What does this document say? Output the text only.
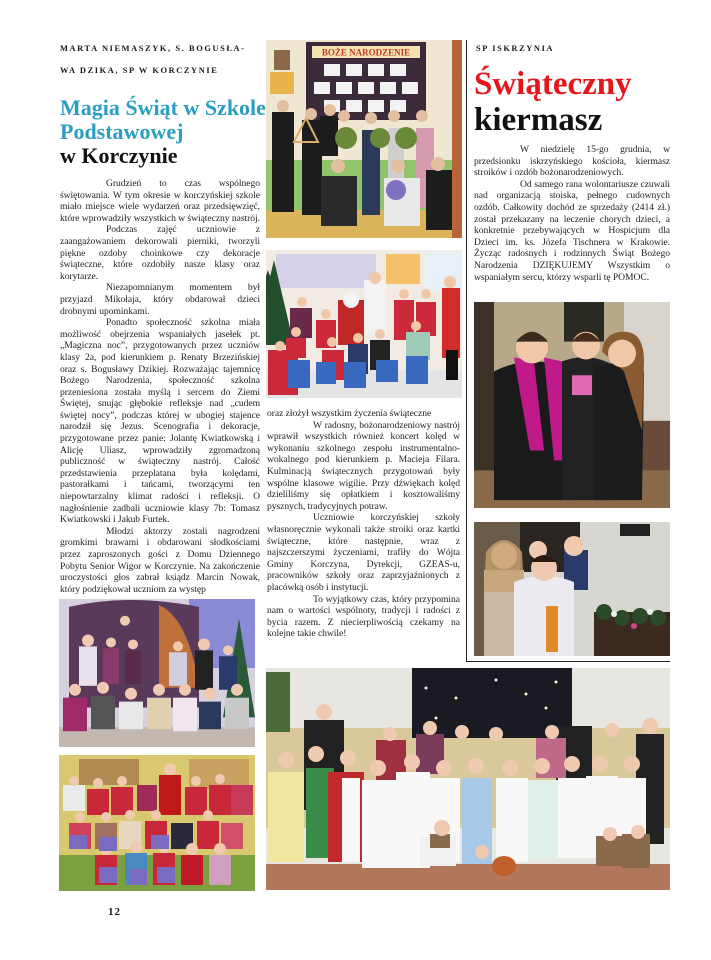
MARTA NIEMASZYK, S. BOGUSŁA-
WA DZIKA, SP W KORCZYNIE
Magia Świąt w Szkole
Podstawowej
w Korczynie

Grudzień to czas wspólnego świętowania. W tym okresie w korczyńskiej szkole miało miejsce wiele wydarzeń oraz przedsięwzięć, które wprowadziły wszystkich w świąteczny nastrój.

Podczas zajęć uczniowie z zaangażowaniem dekorowali pierniki, tworzyli piękne ozdoby choinkowe czy dekoracje świąteczne, które ozdobiły nasze klasy oraz korytarze.

Niezapomnianym momentem był przyjazd Mikołaja, który obdarował dzieci drobnymi upominkami.

Ponadto społeczność szkolna miała możliwość obejrzenia wspaniałych jasełek pt. „Magiczna noc”, przygotowanych przez uczniów klasy 2a, pod kierunkiem p. Renaty Brzezińskiej oraz s. Bogusławy Dzikiej. Rozważając tajemnicę Bożego Narodzenia, społeczność szkolna przeniesiona została myślą i sercem do Ziemi Świętej, snując głębokie refleksje nad „cudem świętej nocy”, podczas której w ubogiej stajence narodził się Jezus. Scenografia i dekoracje, przygotowane przez panie: Jolantę Kwiatkowską i Alicję Uliasz, wprowadziły zgromadzoną publiczność w świąteczny nastrój. Całość przedstawienia przeplatana była kolędami, pastorałkami i tańcami, tworzącymi ten niepowtarzalny klimat radości i refleksji. O nagłośnienie zadbali uczniowie klasy 7b: Tomasz Kwiatkowski i Jakub Furtek.

Młodzi aktorzy zostali nagrodzeni gromkimi brawami i obdarowani słodkościami przez zaproszonych gości z Domu Dziennego Pobytu Senior Wigor w Korczynie. Na zakończenie uroczystości głos zabrał ksiądz Marcin Nowak, który podziękował uczniom za występ

oraz złożył wszystkim życzenia świąteczne

W radosny, bożonarodzeniowy nastrój wprawił wszystkich również koncert kolęd w wykonaniu szkolnego zespołu instrumentalno-wokalnego pod kierunkiem p. Macieja Filara. Kulminacją świątecznych przygotowań były wspólne klasowe wigilie. Przy dźwiękach kolęd dzieliliśmy się opłatkiem i kosztowaliśmy pysznych, tradycyjnych potraw.

Uczniowie korczyńskiej szkoły własnoręcznie wykonali także stroiki oraz kartki świąteczne, które następnie, wraz z najszczerszymi życzeniami, trafiły do Wójta Gminy Korczyna, Dyrekcji, GZEAS-u, pracowników szkoły oraz zaprzyjaźnionych z placówką osób i instytucji.

To wyjątkowy czas, który przypomina nam o wartości wspólnoty, tradycji i radości z bycia razem. Z niecierpliwością czekamy na kolejne takie chwile!

BOŻE NARODZENIE	SP ISKRZYNIA
Świąteczny
kiermasz

W niedzielę 15-go grudnia, w przedsionku iskrzyńskiego kościoła, kiermasz stroików i ozdób bożonarodzeniowych.

Od samego rana wolontariusze czuwali nad organizacją stoiska, pełnego cudownych ozdób. Całkowity dochód ze sprzedaży (2414 zł.) został przekazany na leczenie chorych dzieci, a konkretnie przebywających w Hospicjum dla Dzieci im. ks. Józefa Tischnera w Krakowie. Życząc radosnych i rodzinnych Świąt Bożego Narodzenia DZIĘKUJEMY Wszystkim o wspaniałym sercu, którzy wsparli tę POMOC.

12
